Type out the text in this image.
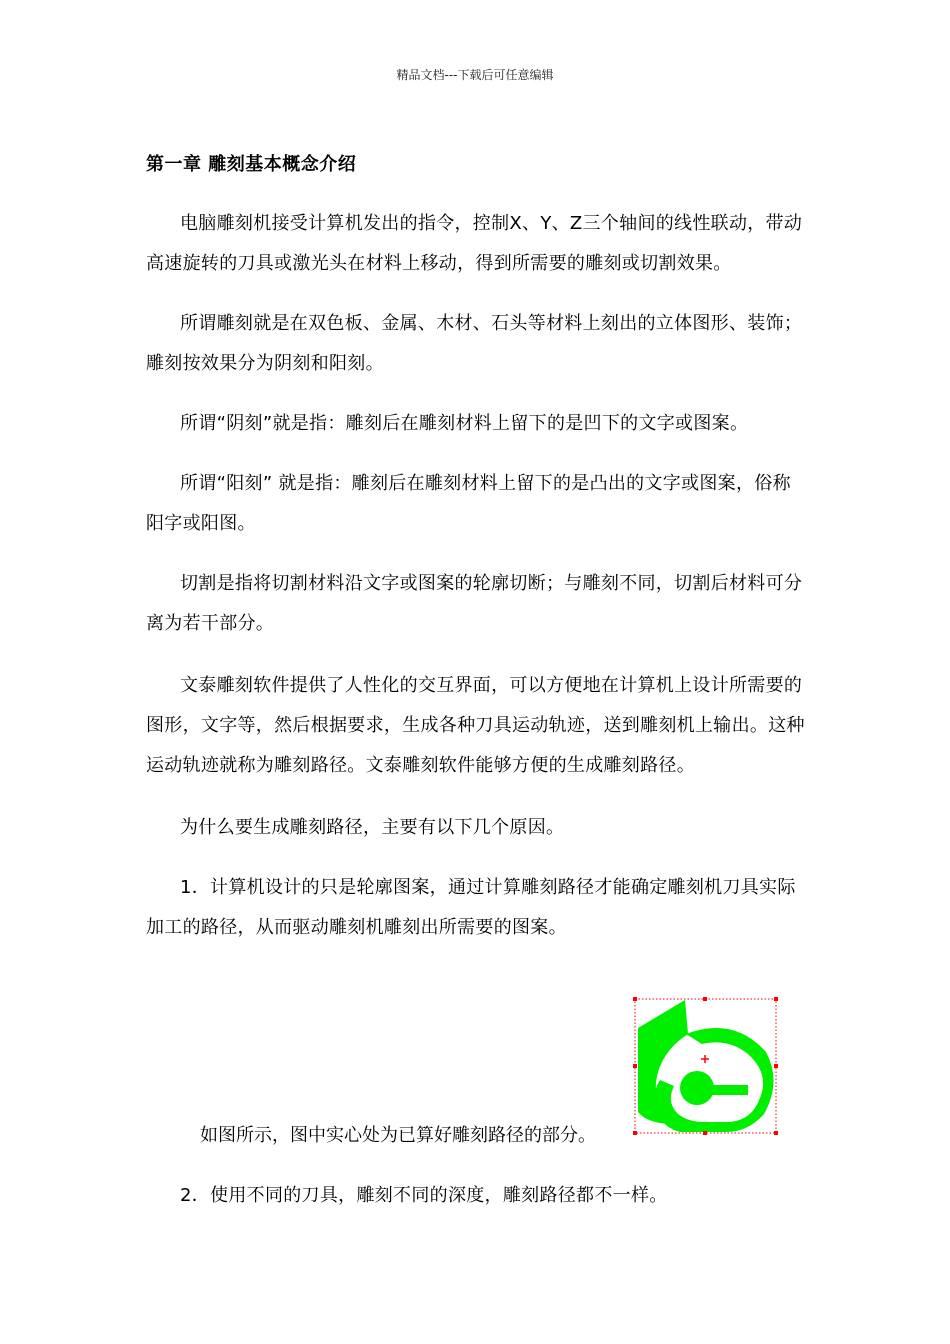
精品文档---下载后可任意编辑
第一章 雕刻基本概念介绍
电脑雕刻机接受计算机发出的指令，控制X、Y、Z三个轴间的线性联动，带动高速旋转的刀具或激光头在材料上移动，得到所需要的雕刻或切割效果。
所谓雕刻就是在双色板、金属、木材、石头等材料上刻出的立体图形、装饰；雕刻按效果分为阴刻和阳刻。
所谓“阴刻”就是指：雕刻后在雕刻材料上留下的是凹下的文字或图案。
所谓“阳刻” 就是指：雕刻后在雕刻材料上留下的是凸出的文字或图案，俗称阳字或阳图。
切割是指将切割材料沿文字或图案的轮廓切断；与雕刻不同，切割后材料可分离为若干部分。
文泰雕刻软件提供了人性化的交互界面，可以方便地在计算机上设计所需要的图形，文字等，然后根据要求，生成各种刀具运动轨迹，送到雕刻机上输出。这种运动轨迹就称为雕刻路径。文泰雕刻软件能够方便的生成雕刻路径。
为什么要生成雕刻路径，主要有以下几个原因。
1．计算机设计的只是轮廓图案，通过计算雕刻路径才能确定雕刻机刀具实际加工的路径，从而驱动雕刻机雕刻出所需要的图案。
如图所示，图中实心处为已算好雕刻路径的部分。
2．使用不同的刀具，雕刻不同的深度，雕刻路径都不一样。
